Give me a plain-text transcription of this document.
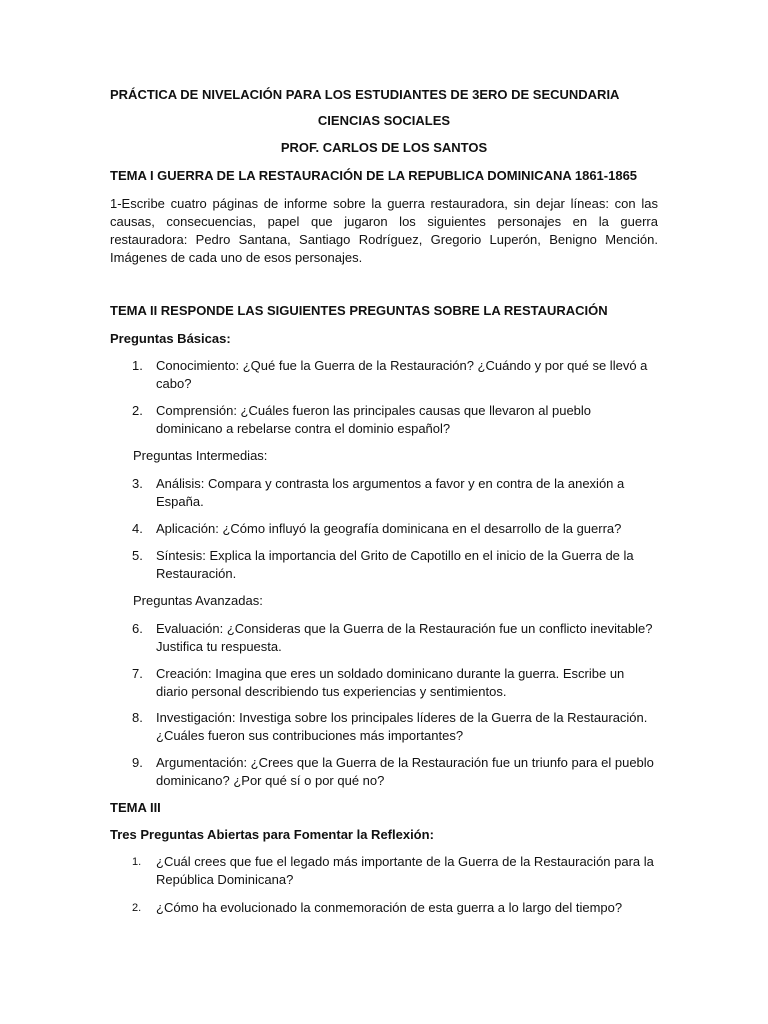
PRÁCTICA DE NIVELACIÓN PARA LOS ESTUDIANTES DE 3ERO DE SECUNDARIA
CIENCIAS SOCIALES
PROF. CARLOS DE LOS SANTOS
TEMA I GUERRA DE LA RESTAURACIÓN DE LA REPUBLICA DOMINICANA 1861-1865
1-Escribe cuatro páginas de informe sobre la guerra restauradora, sin dejar líneas: con las causas, consecuencias, papel que jugaron los siguientes personajes en la guerra restauradora: Pedro Santana, Santiago Rodríguez, Gregorio Luperón, Benigno Mención. Imágenes de cada uno de esos personajes.
TEMA II RESPONDE LAS SIGUIENTES PREGUNTAS SOBRE LA RESTAURACIÓN
Preguntas Básicas:
1. Conocimiento: ¿Qué fue la Guerra de la Restauración? ¿Cuándo y por qué se llevó a cabo?
2. Comprensión: ¿Cuáles fueron las principales causas que llevaron al pueblo dominicano a rebelarse contra el dominio español?
Preguntas Intermedias:
3. Análisis: Compara y contrasta los argumentos a favor y en contra de la anexión a España.
4. Aplicación: ¿Cómo influyó la geografía dominicana en el desarrollo de la guerra?
5. Síntesis: Explica la importancia del Grito de Capotillo en el inicio de la Guerra de la Restauración.
Preguntas Avanzadas:
6. Evaluación: ¿Consideras que la Guerra de la Restauración fue un conflicto inevitable? Justifica tu respuesta.
7. Creación: Imagina que eres un soldado dominicano durante la guerra. Escribe un diario personal describiendo tus experiencias y sentimientos.
8. Investigación: Investiga sobre los principales líderes de la Guerra de la Restauración. ¿Cuáles fueron sus contribuciones más importantes?
9. Argumentación: ¿Crees que la Guerra de la Restauración fue un triunfo para el pueblo dominicano? ¿Por qué sí o por qué no?
TEMA III
Tres Preguntas Abiertas para Fomentar la Reflexión:
1. ¿Cuál crees que fue el legado más importante de la Guerra de la Restauración para la República Dominicana?
2. ¿Cómo ha evolucionado la conmemoración de esta guerra a lo largo del tiempo?
